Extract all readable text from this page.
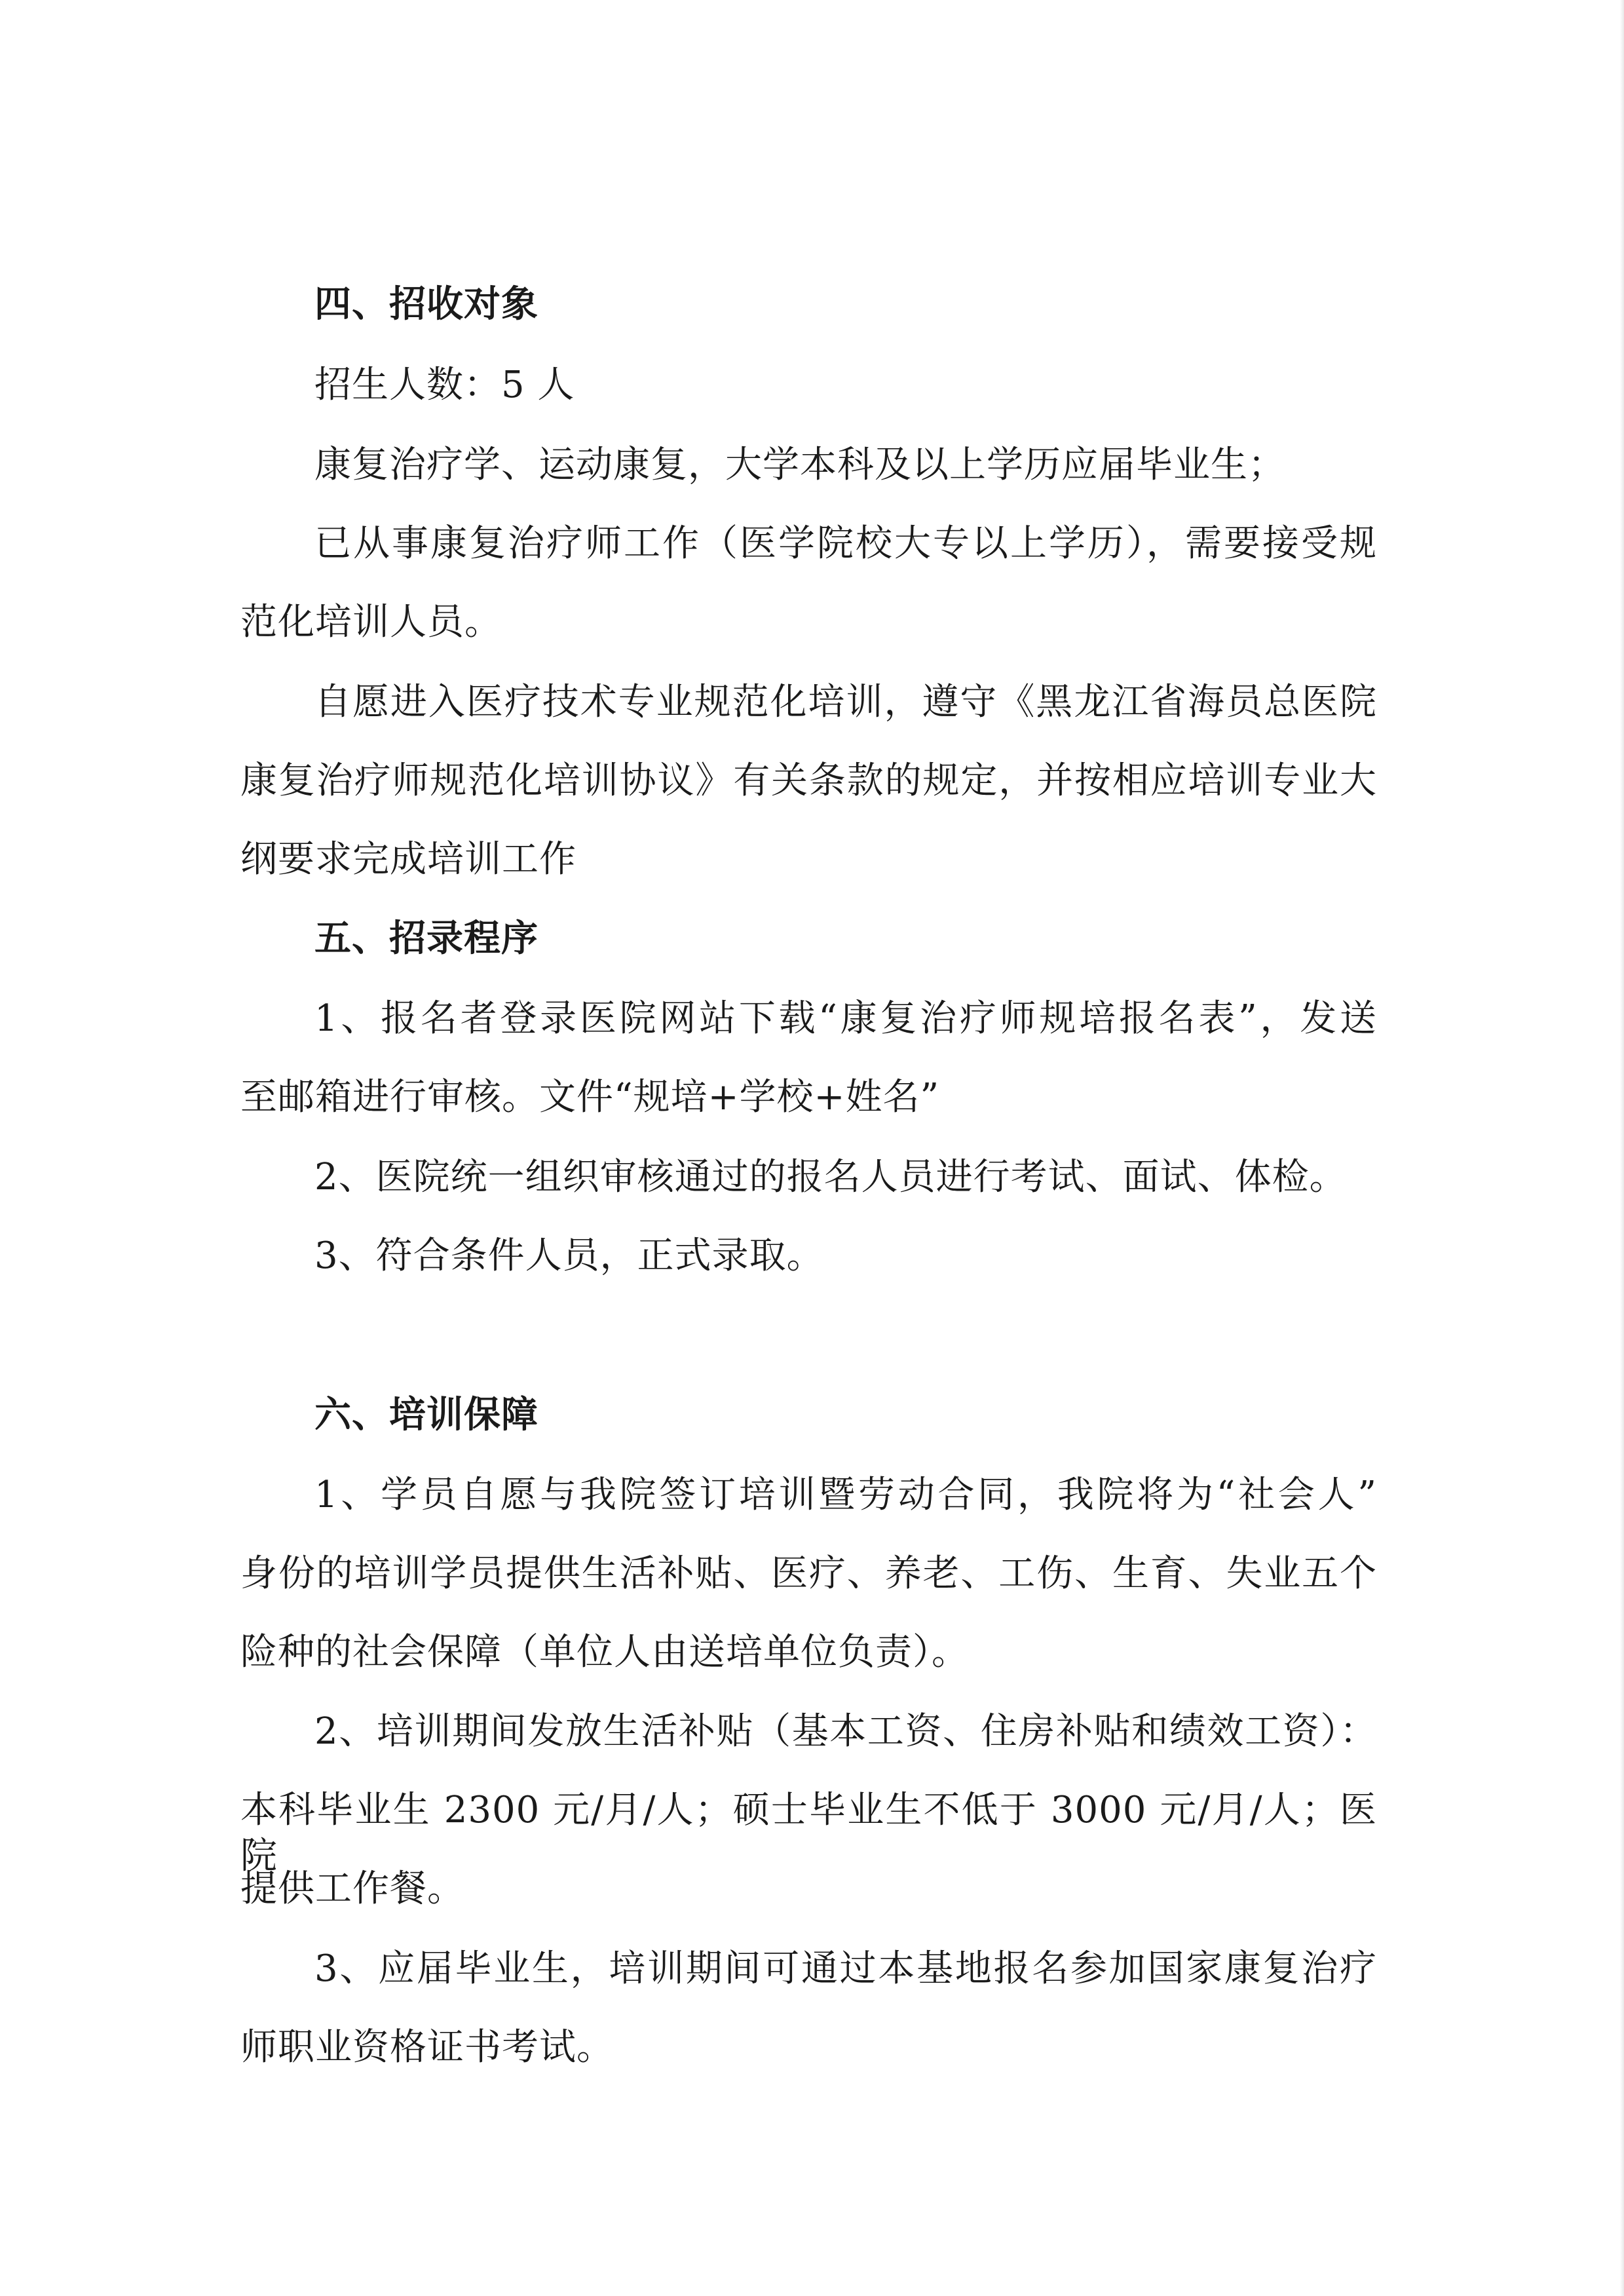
四、招收对象
招生人数：5 人
康复治疗学、运动康复，大学本科及以上学历应届毕业生；
已从事康复治疗师工作（医学院校大专以上学历），需要接受规
范化培训人员。
自愿进入医疗技术专业规范化培训，遵守《黑龙江省海员总医院
康复治疗师规范化培训协议》有关条款的规定，并按相应培训专业大
纲要求完成培训工作
五、招录程序
1、报名者登录医院网站下载“康复治疗师规培报名表”，发送
至邮箱进行审核。文件“规培+学校+姓名”
2、医院统一组织审核通过的报名人员进行考试、面试、体检。
3、符合条件人员，正式录取。
六、培训保障
1、学员自愿与我院签订培训暨劳动合同，我院将为“社会人”
身份的培训学员提供生活补贴、医疗、养老、工伤、生育、失业五个
险种的社会保障（单位人由送培单位负责）。
2、培训期间发放生活补贴（基本工资、住房补贴和绩效工资）：
本科毕业生 2300 元/月/人；硕士毕业生不低于 3000 元/月/人；医院
提供工作餐。
3、应届毕业生，培训期间可通过本基地报名参加国家康复治疗
师职业资格证书考试。
